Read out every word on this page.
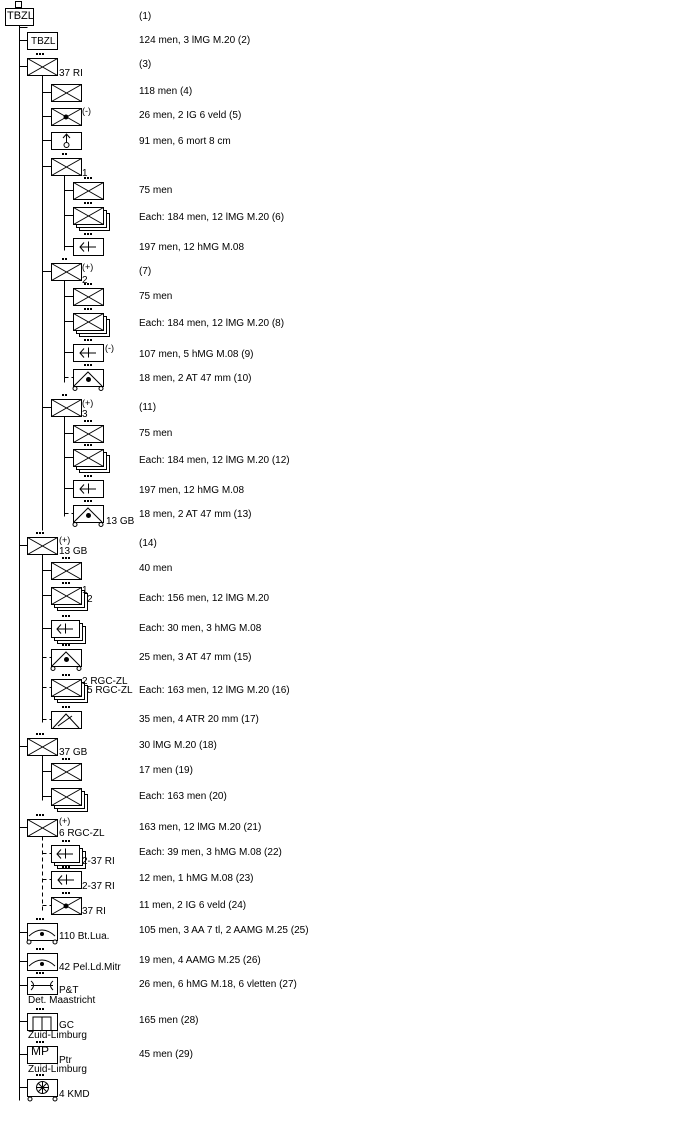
(1)
TBZL
124 men, 3 lMG M.20 (2)
(3)
118 men (4)
26 men, 2 IG 6 veld (5)
91 men, 6 mort 8 cm
75 men
Each: 184 men, 12 lMG M.20 (6)
197 men, 12 hMG M.08
(7)
75 men
Each: 184 men, 12 lMG M.20 (8)
107 men, 5 hMG M.08 (9)
18 men, 2 AT 47 mm (10)
(11)
75 men
Each: 184 men, 12 lMG M.20 (12)
197 men, 12 hMG M.08
18 men, 2 AT 47 mm (13)
(14)
40 men
Each: 156 men, 12 lMG M.20
Each: 30 men, 3 hMG M.08
25 men, 3 AT 47 mm (15)
Each: 163 men, 12 lMG M.20 (16)
35 men, 4 ATR 20 mm (17)
30 lMG M.20 (18)
17 men (19)
Each: 163 men (20)
163 men, 12 lMG M.20 (21)
Each: 39 men, 3 hMG M.08 (22)
12 men, 1 hMG M.08 (23)
11 men, 2 IG 6 veld (24)
105 men, 3 AA 7 tl, 2 AAMG M.25 (25)
19 men, 4 AAMG M.25 (26)
26 men, 6 hMG M.18, 6 vletten (27)
165 men (28)
45 men (29)
TBZL
37 RI
(-)
1
(+)
2
(-)
(+)
3
13 GB
(+)
13 GB
1
2
2 RGC-ZL
5 RGC-ZL
37 GB
(+)
6 RGC-ZL
2-37 RI
2-37 RI
37 RI
110 Bt.Lua.
42 Pel.Ld.Mitr
P&T
Det. Maastricht
GC
Zuid-Limburg
Ptr
Zuid-Limburg
4 KMD
MP
